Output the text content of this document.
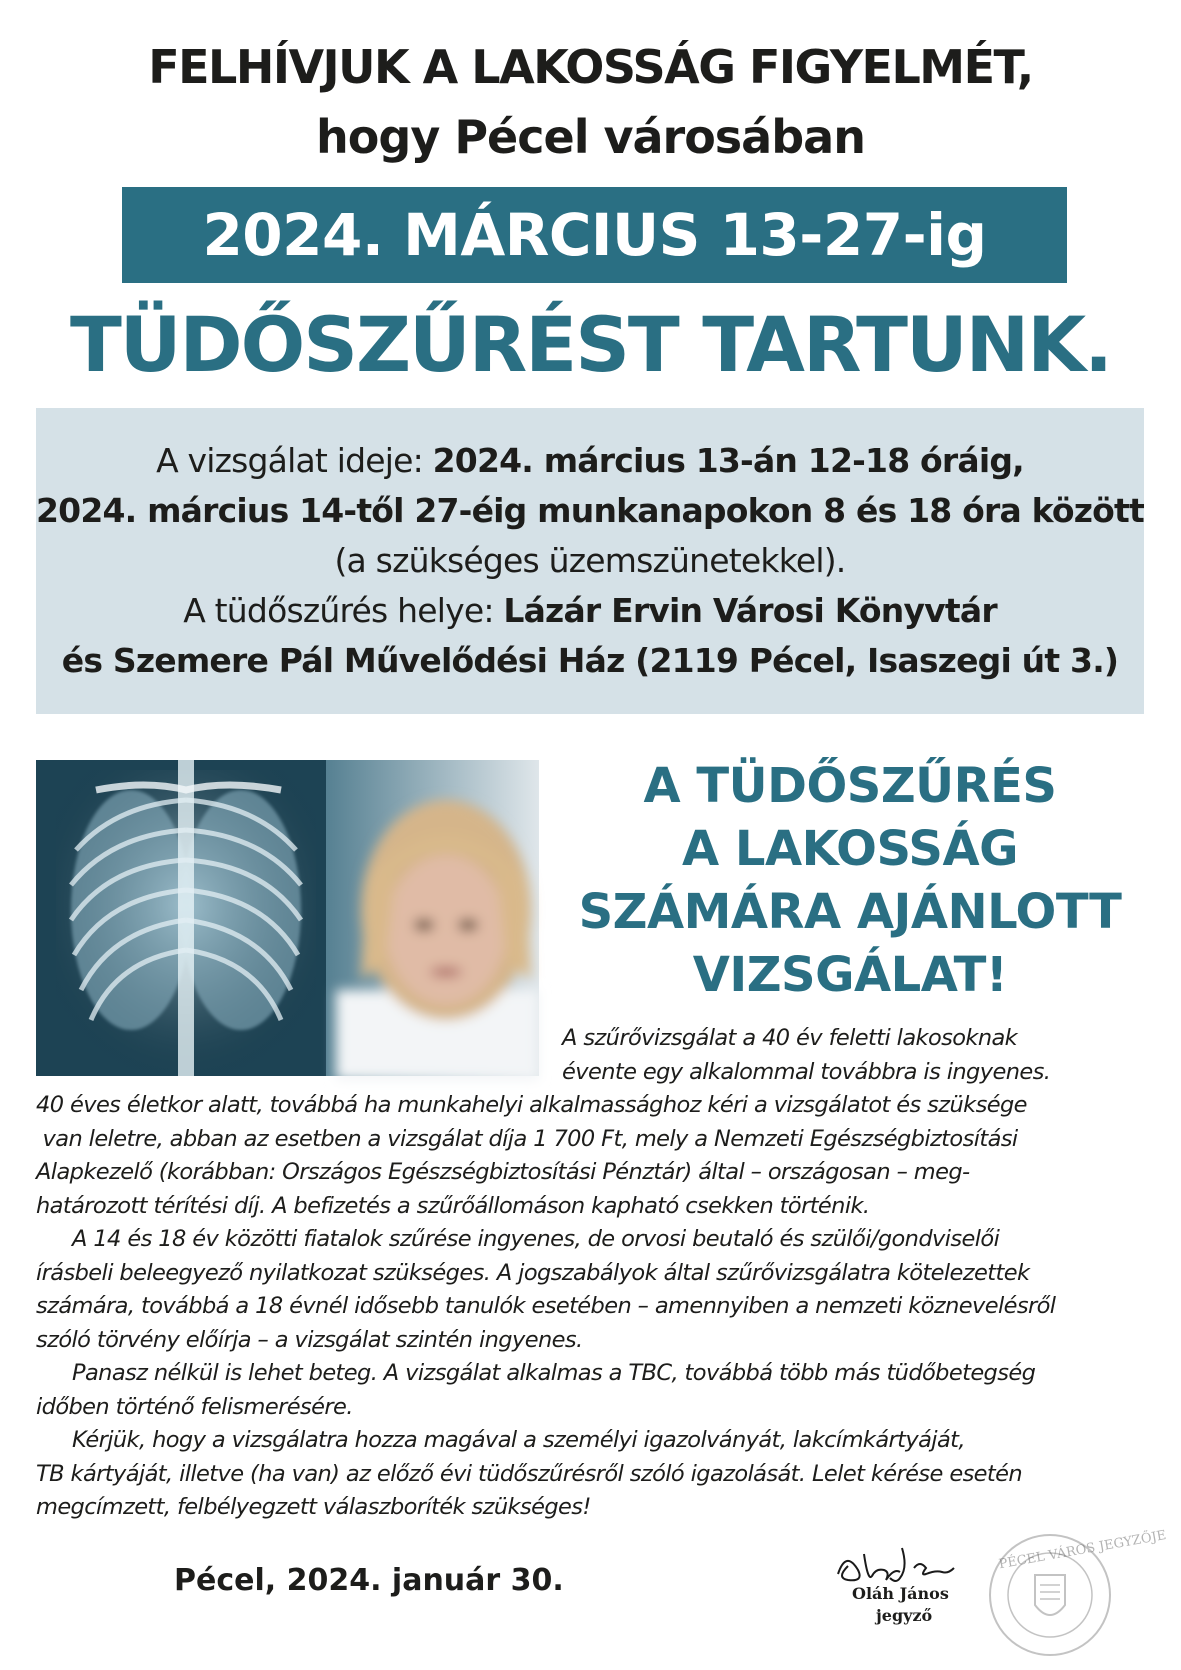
FELHÍVJUK A LAKOSSÁG FIGYELMÉT,
hogy Pécel városában
2024. MÁRCIUS 13-27-ig
TÜDŐSZŰRÉST TARTUNK.
A vizsgálat ideje: 2024. március 13-án 12-18 óráig,
2024. március 14-től 27-éig munkanapokon 8 és 18 óra között
(a szükséges üzemszünetekkel).
A tüdőszűrés helye: Lázár Ervin Városi Könyvtár
és Szemere Pál Művelődési Ház (2119 Pécel, Isaszegi út 3.)
A TÜDŐSZŰRÉS
A LAKOSSÁG
SZÁMÁRA AJÁNLOTT
VIZSGÁLAT!
A szűrővizsgálat a 40 év feletti lakosoknak
évente egy alkalommal továbbra is ingyenes.
40 éves életkor alatt, továbbá ha munkahelyi alkalmassághoz kéri a vizsgálatot és szüksége
van leletre, abban az esetben a vizsgálat díja 1 700 Ft, mely a Nemzeti Egészségbiztosítási
Alapkezelő (korábban: Országos Egészségbiztosítási Pénztár) által – országosan – meg-
határozott térítési díj. A befizetés a szűrőállomáson kapható csekken történik.
A 14 és 18 év közötti fiatalok szűrése ingyenes, de orvosi beutaló és szülői/gondviselői
írásbeli beleegyező nyilatkozat szükséges. A jogszabályok által szűrővizsgálatra kötelezettek
számára, továbbá a 18 évnél idősebb tanulók esetében – amennyiben a nemzeti köznevelésről
szóló törvény előírja – a vizsgálat szintén ingyenes.
Panasz nélkül is lehet beteg. A vizsgálat alkalmas a TBC, továbbá több más tüdőbetegség
időben történő felismerésére.
Kérjük, hogy a vizsgálatra hozza magával a személyi igazolványát, lakcímkártyáját,
TB kártyáját, illetve (ha van) az előző évi tüdőszűrésről szóló igazolását. Lelet kérése esetén
megcímzett, felbélyegzett válaszboríték szükséges!
Pécel, 2024. január 30.
PÉCEL VÁROS JEGYZŐJE
Oláh János
jegyző
